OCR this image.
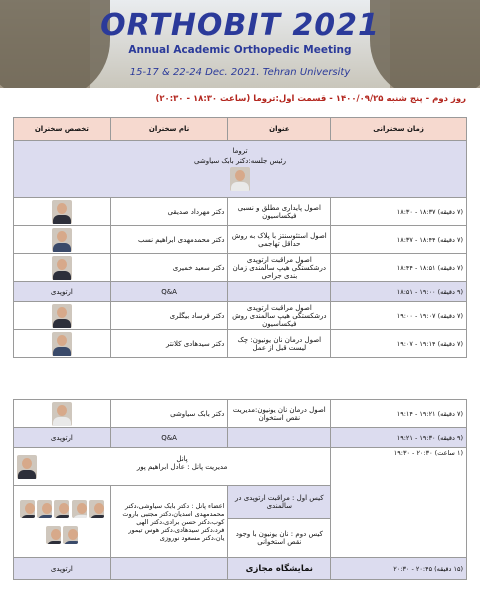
ORTHOBIT 2021
Annual Academic Orthopedic Meeting
15-17 & 22-24 Dec. 2021. Tehran University
روز دوم - پنج شنبه ۱۴۰۰/۰۹/۲۵ - قسمت اول:تروما (ساعت ۱۸:۳۰ - ۲۰:۳۰)
تخصص سخنران	نام سخنران	عنوان	زمان سخنرانی

تروما
رئیس جلسه:دکتر بابک سیاوشی			

	دکتر مهرداد صدیقی	اصول پایداری مطلق و نسبی فیکساسیون	(۷ دقیقه) ۱۸:۳۷ - ۱۸:۳۰
	دکتر محمدمهدی ابراهیم نسب	اصول استئوسنتز با پلاک به روش حداقل تهاجمی	(۷ دقیقه) ۱۸:۴۴ - ۱۸:۳۷
	دکتر سعید خمیری	اصول مراقبت ارتوپدی درشکستگی هیپ سالمندی زمان بندی جراحی	(۷ دقیقه) ۱۸:۵۱ - ۱۸:۴۴
ارتوپدی	Q&A		(۹ دقیقه) ۱۹:۰۰ - ۱۸:۵۱
	دکتر فرساد بیگلری	اصول مراقبت ارتوپدی درشکستگی هیپ سالمندی روش فیکساسیون	(۷ دقیقه) ۱۹:۰۷ - ۱۹:۰۰
	دکتر سیدهادی کلانتر	اصول درمان نان یونیون: چک لیست قبل از عمل	(۷ دقیقه) ۱۹:۱۴ - ۱۹:۰۷
	دکتر بابک سیاوشی	اصول درمان نان یونیون:مدیریت نقص استخوان	(۷ دقیقه) ۱۹:۲۱ - ۱۹:۱۴
ارتوپدی	Q&A		(۹ دقیقه) ۱۹:۳۰ - ۱۹:۲۱

پانل
مدیریت پانل : عادل ابراهیم پور			(۱ ساعت) ۲۰:۳۰ - ۱۹:۳۰

	اعضاء پانل : دکتر بابک سیاوشی،دکتر محمدمهدی اسدیان،دکتر مجتبی باروت کوب،دکتر حسن برادی،دکتر الهی فرد،دکتر سیدهادی،دکتر هوس تیمور یان،دکتر مسعود نوروزی	کیس اول : مراقبت ارتوپدی در سالمندی	
		کیس دوم : نان یونیون با وجود نقص استخوانی	
ارتوپدی		نمایشگاه مجازی	(۱۵ دقیقه) ۲۰:۴۵ - ۲۰:۳۰
